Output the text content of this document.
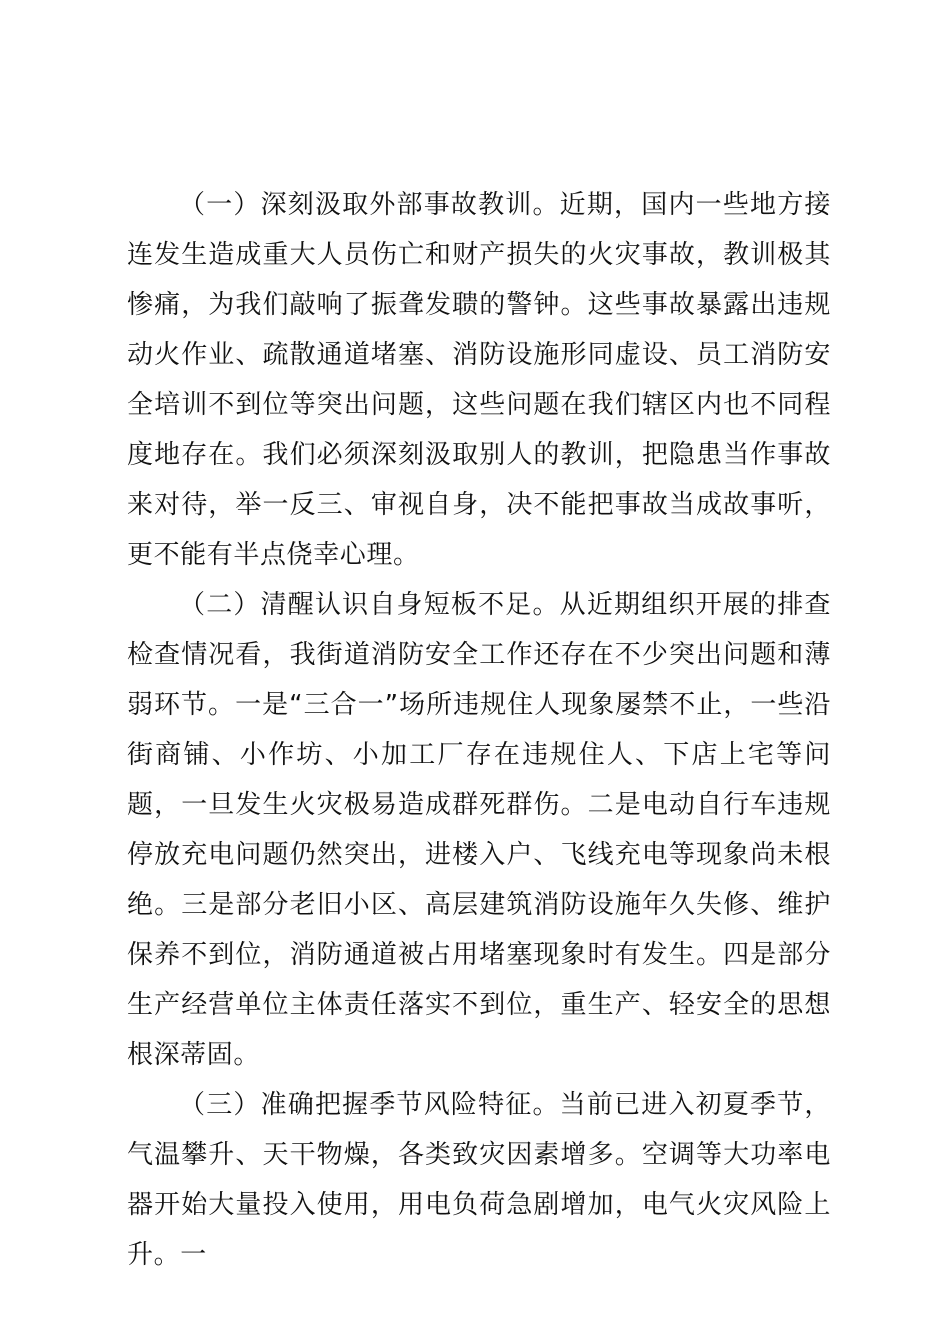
（一）深刻汲取外部事故教训。近期，国内一些地方接连发生造成重大人员伤亡和财产损失的火灾事故，教训极其惨痛，为我们敲响了振聋发聩的警钟。这些事故暴露出违规动火作业、疏散通道堵塞、消防设施形同虚设、员工消防安全培训不到位等突出问题，这些问题在我们辖区内也不同程度地存在。我们必须深刻汲取别人的教训，把隐患当作事故来对待，举一反三、审视自身，决不能把事故当成故事听，更不能有半点侥幸心理。

（二）清醒认识自身短板不足。从近期组织开展的排查检查情况看，我街道消防安全工作还存在不少突出问题和薄弱环节。一是“三合一”场所违规住人现象屡禁不止，一些沿街商铺、小作坊、小加工厂存在违规住人、下店上宅等问题，一旦发生火灾极易造成群死群伤。二是电动自行车违规停放充电问题仍然突出，进楼入户、飞线充电等现象尚未根绝。三是部分老旧小区、高层建筑消防设施年久失修、维护保养不到位，消防通道被占用堵塞现象时有发生。四是部分生产经营单位主体责任落实不到位，重生产、轻安全的思想根深蒂固。

（三）准确把握季节风险特征。当前已进入初夏季节，气温攀升、天干物燥，各类致灾因素增多。空调等大功率电器开始大量投入使用，用电负荷急剧增加，电气火灾风险上升。一
